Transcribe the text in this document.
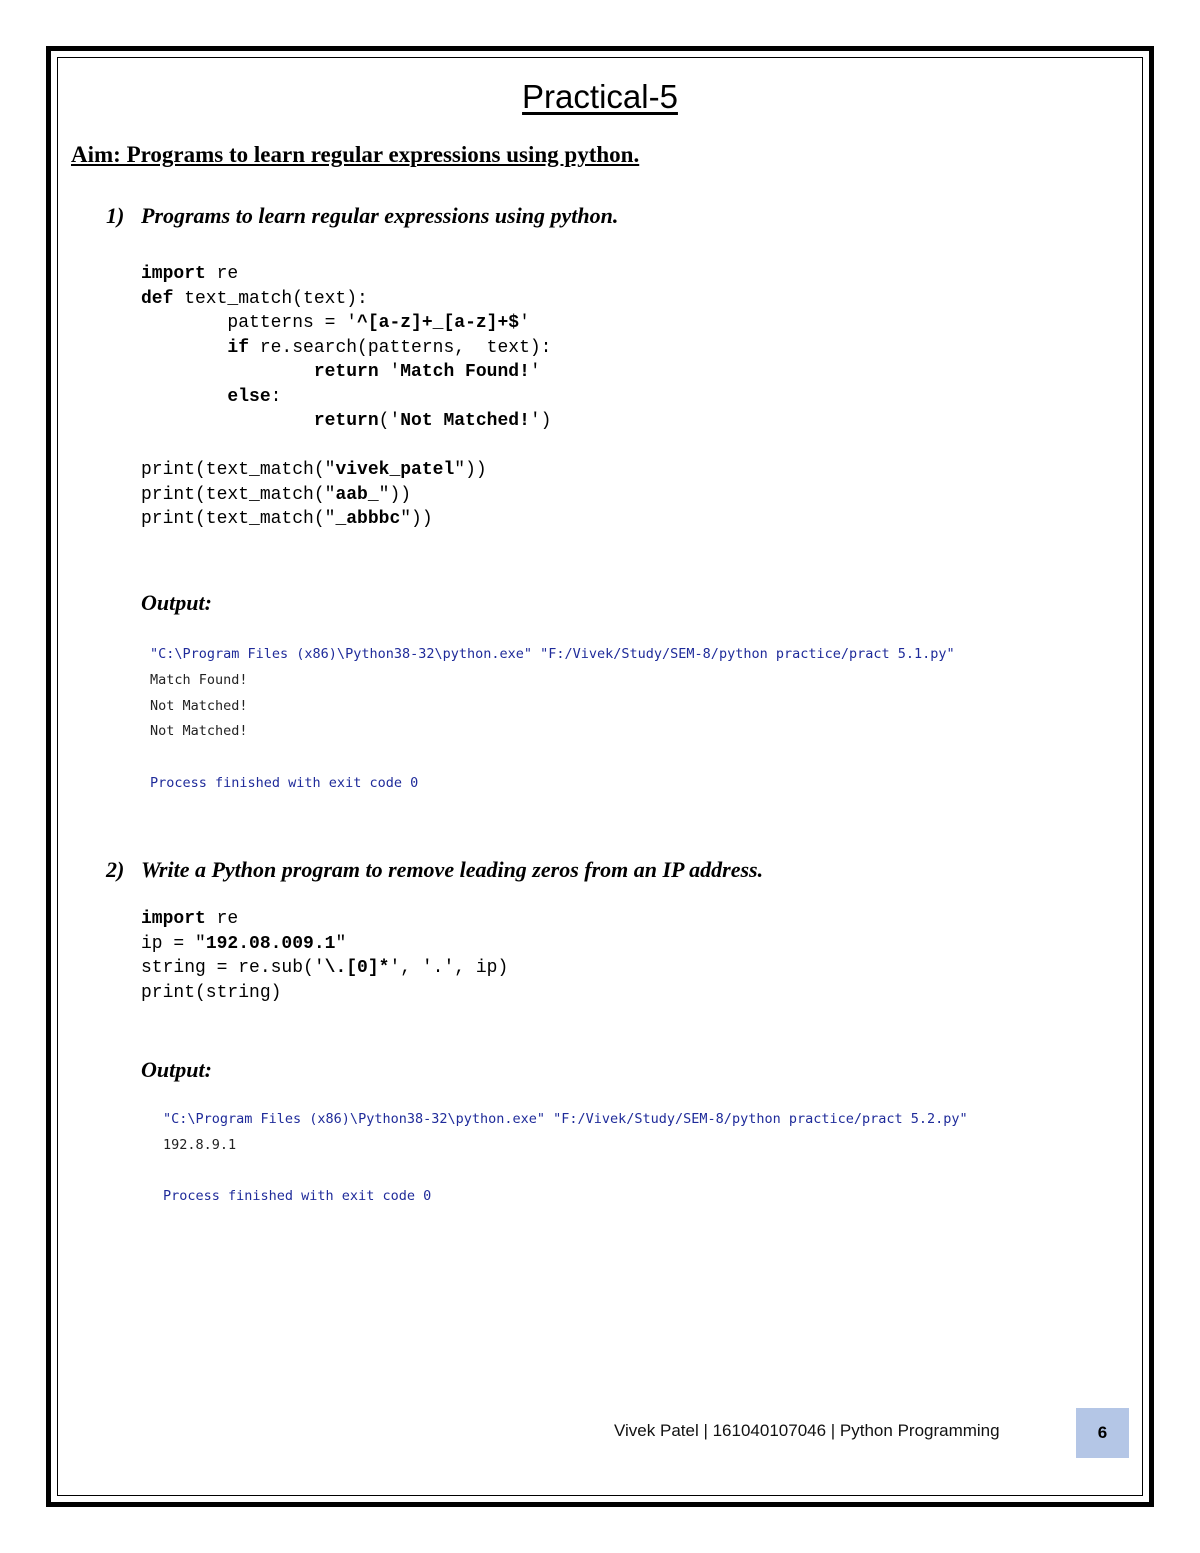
Practical-5
Aim: Programs to learn regular expressions using python.
1) Programs to learn regular expressions using python.
import re
def text_match(text):
patterns = '^[a-z]+_[a-z]+$'
if re.search(patterns,  text):
return 'Match Found!'
else:
return('Not Matched!')

print(text_match("vivek_patel"))
print(text_match("aab_"))
print(text_match("_abbbc"))
Output:
"C:\Program Files (x86)\Python38-32\python.exe" "F:/Vivek/Study/SEM-8/python practice/pract 5.1.py"
Match Found!
Not Matched!
Not Matched!

Process finished with exit code 0
2) Write a Python program to remove leading zeros from an IP address.
import re
ip = "192.08.009.1"
string = re.sub('\.[0]*', '.', ip)
print(string)
Output:
"C:\Program Files (x86)\Python38-32\python.exe" "F:/Vivek/Study/SEM-8/python practice/pract 5.2.py"
192.8.9.1

Process finished with exit code 0
Vivek Patel | 161040107046 | Python Programming	6
